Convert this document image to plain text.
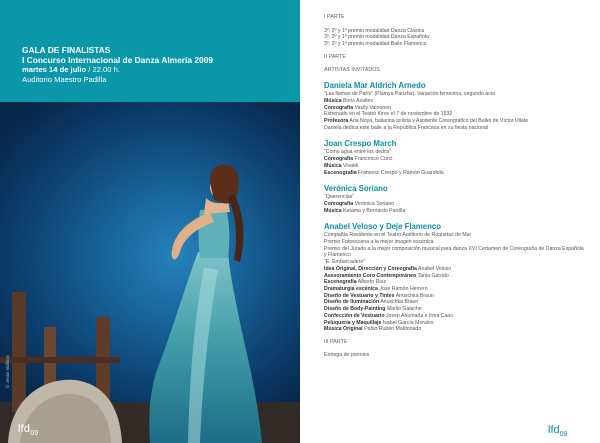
GALA DE FINALISTAS
I Concurso Internacional de Danza Almería 2009
martes 14 de julio / 22.00 h.
Auditorio Maestro Padilla
© Jesús Vallinas
lfd$_{09}$
I PARTE
3º, 2º y 1º premio modalidad Danza Clásica
3º, 2º y 1º premio modalidad Danza Española
3º, 2º y 1º premio modalidad Baile Flamenco
II PARTE
ARTISTAS INVITADOS
Daniela Mar Aldrich Arnedo
“Las llamas de París” (Plamya Parizha), Variación femenina, segundo acto
Música Boris Asafiev
Coreografía Vasily Vainonen
Estrenado en el Teatro Kirov el 7 de noviembre de 1932
Profesora Ana Noya, bailarina solista y Asistente Coreográfico del Ballet de Víctor Ullate
Daniela dedica este baile a la República Francesa en su fiesta nacional
Joan Crespo March
“Como agua entre los dedos”
Coreografía Francesco Curci
Música Vivaldi
Escenografía Francesc Crespo y Ramón Guardiola
Verónica Soriano
“Querencias”
Coreografía Verónica Soriano
Música Ketama y Bernardo Parrilla
Anabel Veloso y Deje Flamenco
Compañía Residente en el Teatro Auditorio de Roquetas de Mar
Premio Fotoescena a la mejor imagen escénica
Premio del Jurado a la mejor composición musical para danza XVI Certamen de Coreografía de Danza Española
y Flamenco
“E. Embarcadero”
Idea Original, Dirección y Coreografía Anabel Veloso
Asesoramiento Coro Contemporáneo Tania Garrido
Escenografía Alberto Ruiz
Dramaturgia escénica José Ramón Herrero
Diseño de Vestuario y Tintes Anuschka Braun
Diseño de Iluminación Anuschka Braun
Diseño de Body-Painting Mariló Galache
Confección de Vestuario Josep Ahumada e Irma Cano
Peluquería y Maquillaje Isabel García Morales
Música Original Pablo Rubén Maldonado
III PARTE
Entrega de premios
lfd$_{09}$
